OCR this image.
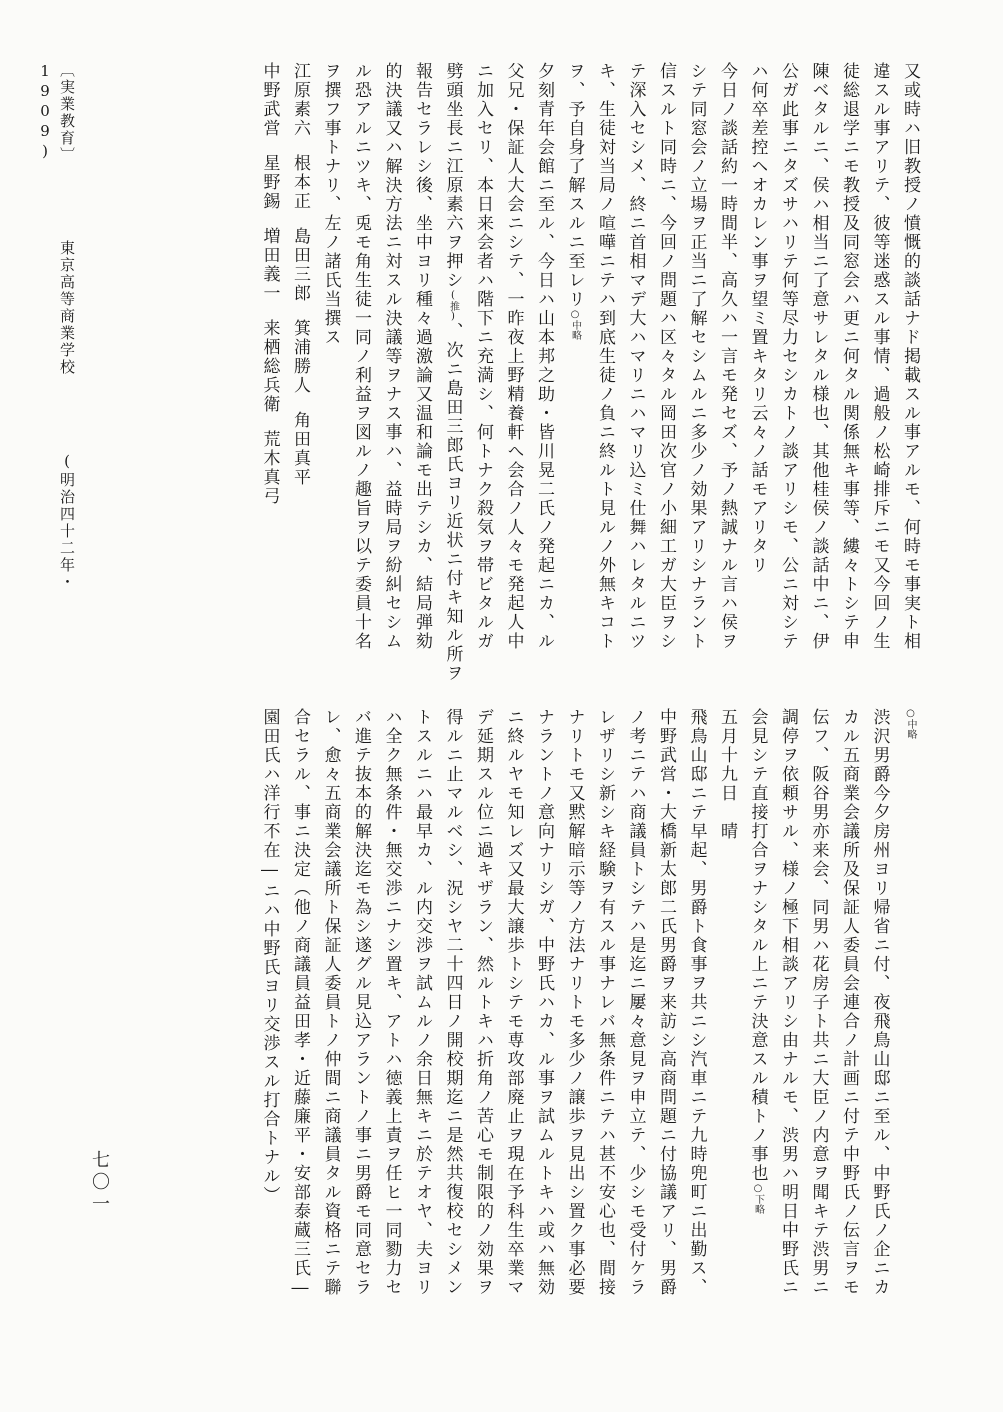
又或時ハ旧教授ノ憤慨的談話ナド掲載スル事アルモ、何時モ事実ト相

違スル事アリテ、彼等迷惑スル事情、過般ノ松崎排斥ニモ又今回ノ生

徒総退学ニモ教授及同窓会ハ更ニ何タル関係無キ事等、縷々トシテ申

陳ベタルニ、侯ハ相当ニ了意サレタル様也、其他桂侯ノ談話中ニ、伊

公ガ此事ニタズサハリテ何等尽力セシカトノ談アリシモ、公ニ対シテ

ハ何卒差控ヘオカレン事ヲ望ミ置キタリ云々ノ話モアリタリ

今日ノ談話約一時間半、高久ハ一言モ発セズ、予ノ熱誠ナル言ハ侯ヲ

シテ同窓会ノ立場ヲ正当ニ了解セシムルニ多少ノ効果アリシナラント

信スルト同時ニ、今回ノ問題ハ区々タル岡田次官ノ小細工ガ大臣ヲシ

テ深入セシメ、終ニ首相マデ大ハマリニハマリ込ミ仕舞ハレタルニツ

キ、生徒対当局ノ喧嘩ニテハ到底生徒ノ負ニ終ルト見ルノ外無キコト

ヲ、予自身了解スルニ至レリ○中略

夕刻青年会館ニ至ル、今日ハ山本邦之助・皆川晃二氏ノ発起ニカ、ル

父兄・保証人大会ニシテ、一昨夜上野精養軒へ会合ノ人々モ発起人中

ニ加入セリ、本日来会者ハ階下ニ充満シ、何トナク殺気ヲ帯ビタルガ

劈頭坐長ニ江原素六ヲ押シ(推)、次ニ島田三郎氏ヨリ近状ニ付キ知ル所ヲ

報告セラレシ後、坐中ヨリ種々過激論又温和論モ出テシカ、結局弾劾

的決議又ハ解決方法ニ対スル決議等ヲナス事ハ、益時局ヲ紛糾セシム

ル恐アルニツキ、兎モ角生徒一同ノ利益ヲ図ルノ趣旨ヲ以テ委員十名

ヲ撰フ事トナリ、左ノ諸氏当撰ス

江原素六根本正島田三郎箕浦勝人角田真平

中野武営星野錫増田義一来栖総兵衛荒木真弓

〔実業教育〕  東京高等商業学校  (明治四十二年・1909)

○中略

渋沢男爵今夕房州ヨリ帰省ニ付、夜飛鳥山邸ニ至ル、中野氏ノ企ニカ

カル五商業会議所及保証人委員会連合ノ計画ニ付テ中野氏ノ伝言ヲモ

伝フ、阪谷男亦来会、同男ハ花房子ト共ニ大臣ノ内意ヲ聞キテ渋男ニ

調停ヲ依頼サル、様ノ極下相談アリシ由ナルモ、渋男ハ明日中野氏ニ

会見シテ直接打合ヲナシタル上ニテ決意スル積トノ事也○下略

五月十九日　晴

飛鳥山邸ニテ早起、男爵ト食事ヲ共ニシ汽車ニテ九時兜町ニ出勤ス、

中野武営・大橋新太郎二氏男爵ヲ来訪シ高商問題ニ付協議アリ、男爵

ノ考ニテハ商議員トシテハ是迄ニ屢々意見ヲ申立テ、少シモ受付ケラ

レザリシ新シキ経験ヲ有スル事ナレバ無条件ニテハ甚不安心也、間接

ナリトモ又黙解暗示等ノ方法ナリトモ多少ノ譲歩ヲ見出シ置ク事必要

ナラントノ意向ナリシガ、中野氏ハカ、ル事ヲ試ムルトキハ或ハ無効

ニ終ルヤモ知レズ又最大譲歩トシテモ専攻部廃止ヲ現在予科生卒業マ

デ延期スル位ニ過キザラン、然ルトキハ折角ノ苦心モ制限的ノ効果ヲ

得ルニ止マルベシ、況シヤ二十四日ノ開校期迄ニ是然共復校セシメン

トスルニハ最早カ、ル内交渉ヲ試ムルノ余日無キニ於テオヤ、夫ヨリ

ハ全ク無条件・無交渉ニナシ置キ、アトハ徳義上責ヲ任ヒ一同勠力セ

バ進テ抜本的解決迄モ為シ遂グル見込アラントノ事ニ男爵モ同意セラ

レ、愈々五商業会議所ト保証人委員トノ仲間ニ商議員タル資格ニテ聯

合セラル、事ニ決定（他ノ商議員益田孝・近藤廉平・安部泰蔵三氏―

園田氏ハ洋行不在―ニハ中野氏ヨリ交渉スル打合トナル）

七〇一
